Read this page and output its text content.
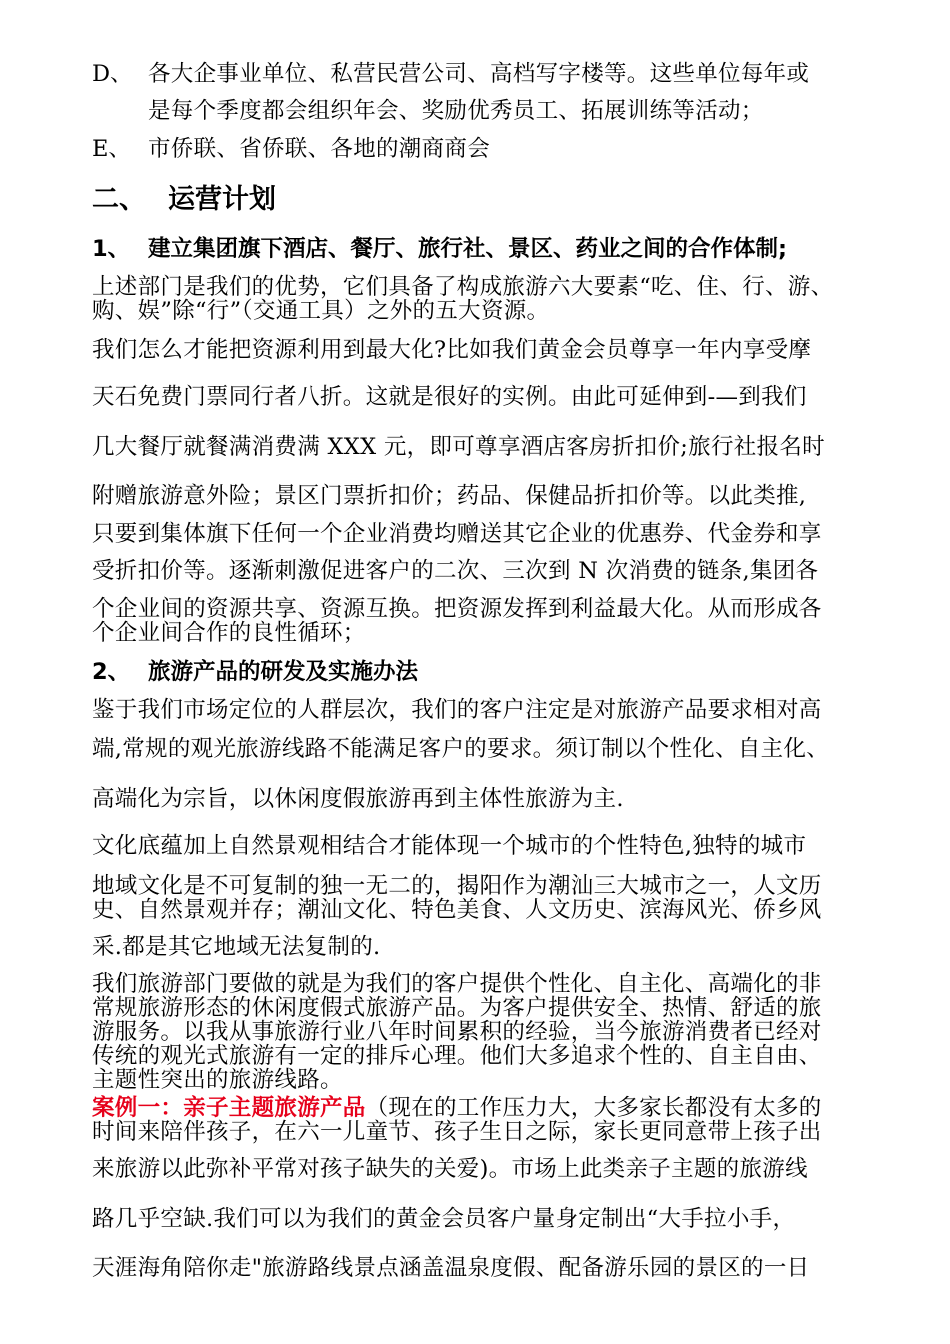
D、 各大企事业单位、私营民营公司、高档写字楼等。这些单位每年或
是每个季度都会组织年会、奖励优秀员工、拓展训练等活动；
E、 市侨联、省侨联、各地的潮商商会
二、 运营计划
1、 建立集团旗下酒店、餐厅、旅行社、景区、药业之间的合作体制;
上述部门是我们的优势，它们具备了构成旅游六大要素“吃、住、行、游、
购、娱”除“行”（交通工具）之外的五大资源。
我们怎么才能把资源利用到最大化?比如我们黄金会员尊享一年内享受摩
天石免费门票同行者八折。这就是很好的实例。由此可延伸到-—到我们
几大餐厅就餐满消费满 XXX 元，即可尊享酒店客房折扣价;旅行社报名时
附赠旅游意外险；景区门票折扣价；药品、保健品折扣价等。以此类推,
只要到集体旗下任何一个企业消费均赠送其它企业的优惠券、代金券和享
受折扣价等。逐渐刺激促进客户的二次、三次到 N 次消费的链条,集团各
个企业间的资源共享、资源互换。把资源发挥到利益最大化。从而形成各
个企业间合作的良性循环；
2、 旅游产品的研发及实施办法
鉴于我们市场定位的人群层次，我们的客户注定是对旅游产品要求相对高
端,常规的观光旅游线路不能满足客户的要求。须订制以个性化、自主化、
高端化为宗旨，以休闲度假旅游再到主体性旅游为主.
文化底蕴加上自然景观相结合才能体现一个城市的个性特色,独特的城市
地域文化是不可复制的独一无二的，揭阳作为潮汕三大城市之一，人文历
史、自然景观并存；潮汕文化、特色美食、人文历史、滨海风光、侨乡风
采.都是其它地域无法复制的.
我们旅游部门要做的就是为我们的客户提供个性化、自主化、高端化的非
常规旅游形态的休闲度假式旅游产品。为客户提供安全、热情、舒适的旅
游服务。以我从事旅游行业八年时间累积的经验，当今旅游消费者已经对
传统的观光式旅游有一定的排斥心理。他们大多追求个性的、自主自由、
主题性突出的旅游线路。
案例一：亲子主题旅游产品（现在的工作压力大，大多家长都没有太多的
时间来陪伴孩子，在六一儿童节、孩子生日之际，家长更同意带上孩子出
来旅游以此弥补平常对孩子缺失的关爱)。市场上此类亲子主题的旅游线
路几乎空缺.我们可以为我们的黄金会员客户量身定制出“大手拉小手，
天涯海角陪你走"旅游路线景点涵盖温泉度假、配备游乐园的景区的一日
